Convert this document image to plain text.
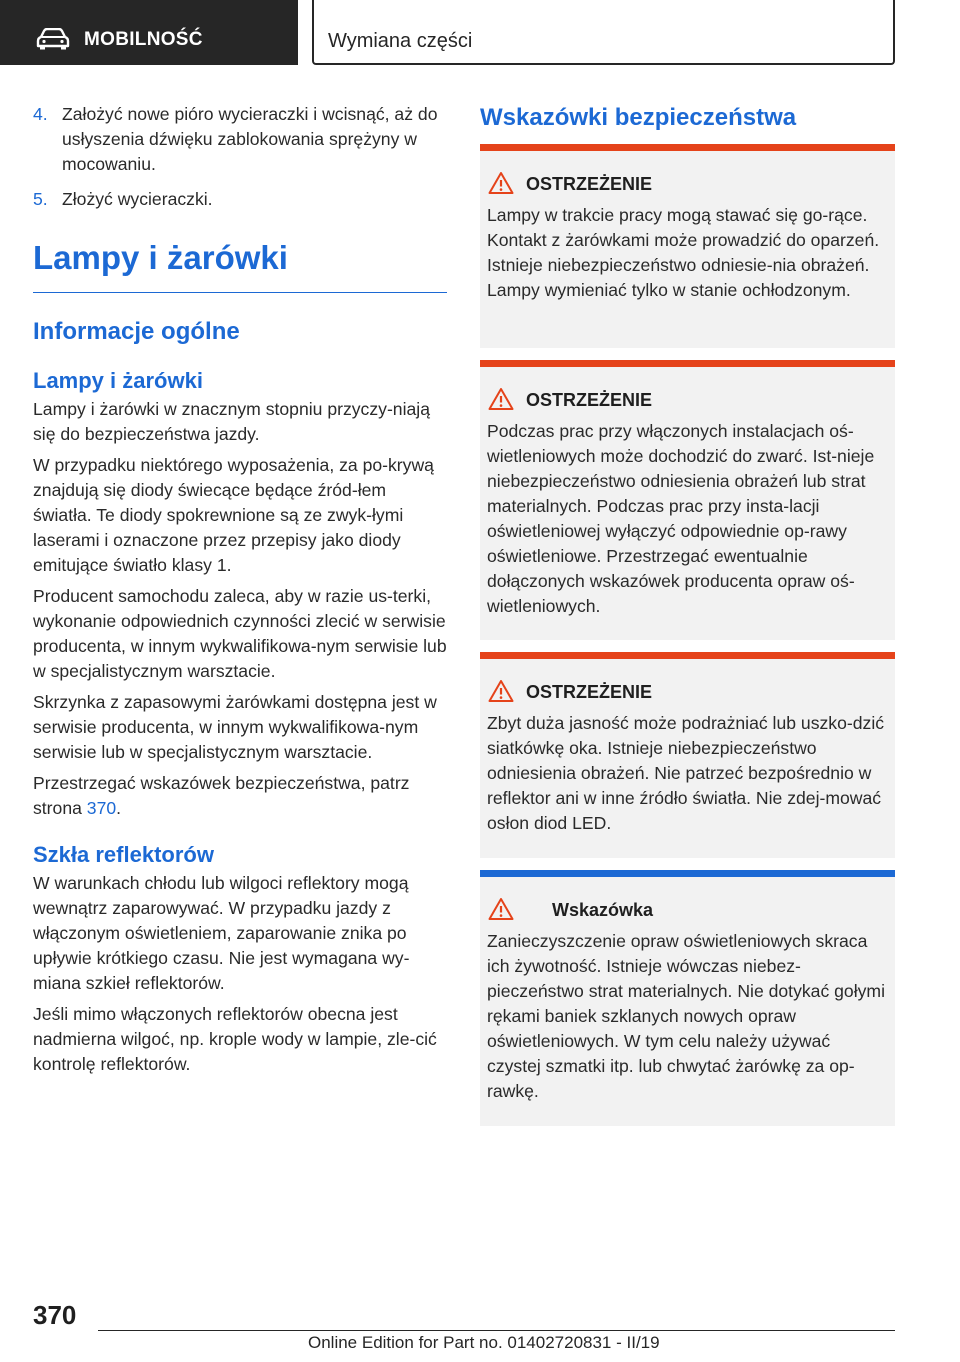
MOBILNOŚĆ	Wymiana części
4. Założyć nowe pióro wycieraczki i wcisnąć, aż do usłyszenia dźwięku zablokowania sprężyny w mocowaniu.
5. Złożyć wycieraczki.
Lampy i żarówki
Informacje ogólne
Lampy i żarówki

Lampy i żarówki w znacznym stopniu przyczy-niają się do bezpieczeństwa jazdy.

W przypadku niektórego wyposażenia, za po-krywą znajdują się diody świecące będące źród-łem światła. Te diody spokrewnione są ze zwyk-łymi laserami i oznaczone przez przepisy jako diody emitujące światło klasy 1.

Producent samochodu zaleca, aby w razie us-terki, wykonanie odpowiednich czynności zlecić w serwisie producenta, w innym wykwalifikowa-nym serwisie lub w specjalistycznym warsztacie.

Skrzynka z zapasowymi żarówkami dostępna jest w serwisie producenta, w innym wykwalifikowa-nym serwisie lub w specjalistycznym warsztacie.

Przestrzegać wskazówek bezpieczeństwa, patrz strona 370.

Szkła reflektorów

W warunkach chłodu lub wilgoci reflektory mogą wewnątrz zaparowywać. W przypadku jazdy z włączonym oświetleniem, zaparowanie znika po upływie krótkiego czasu. Nie jest wymagana wy-miana szkieł reflektorów.

Jeśli mimo włączonych reflektorów obecna jest nadmierna wilgoć, np. krople wody w lampie, zle-cić kontrolę reflektorów.

Wskazówki bezpieczeństwa
OSTRZEŻENIE
Lampy w trakcie pracy mogą stawać się go-rące. Kontakt z żarówkami może prowadzić do oparzeń. Istnieje niebezpieczeństwo odniesie-nia obrażeń. Lampy wymieniać tylko w stanie ochłodzonym.
OSTRZEŻENIE
Podczas prac przy włączonych instalacjach oś-wietleniowych może dochodzić do zwarć. Ist-nieje niebezpieczeństwo odniesienia obrażeń lub strat materialnych. Podczas prac przy insta-lacji oświetleniowej wyłączyć odpowiednie op-rawy oświetleniowe. Przestrzegać ewentualnie dołączonych wskazówek producenta opraw oś-wietleniowych.
OSTRZEŻENIE
Zbyt duża jasność może podrażniać lub uszko-dzić siatkówkę oka. Istnieje niebezpieczeństwo odniesienia obrażeń. Nie patrzeć bezpośrednio w reflektor ani w inne źródło światła. Nie zdej-mować osłon diod LED.
Wskazówka
Zanieczyszczenie opraw oświetleniowych skraca ich żywotność. Istnieje wówczas niebez-pieczeństwo strat materialnych. Nie dotykać gołymi rękami baniek szklanych nowych opraw oświetleniowych. W tym celu należy używać czystej szmatki itp. lub chwytać żarówkę za op-rawkę.
370
Online Edition for Part no. 01402720831 - II/19
